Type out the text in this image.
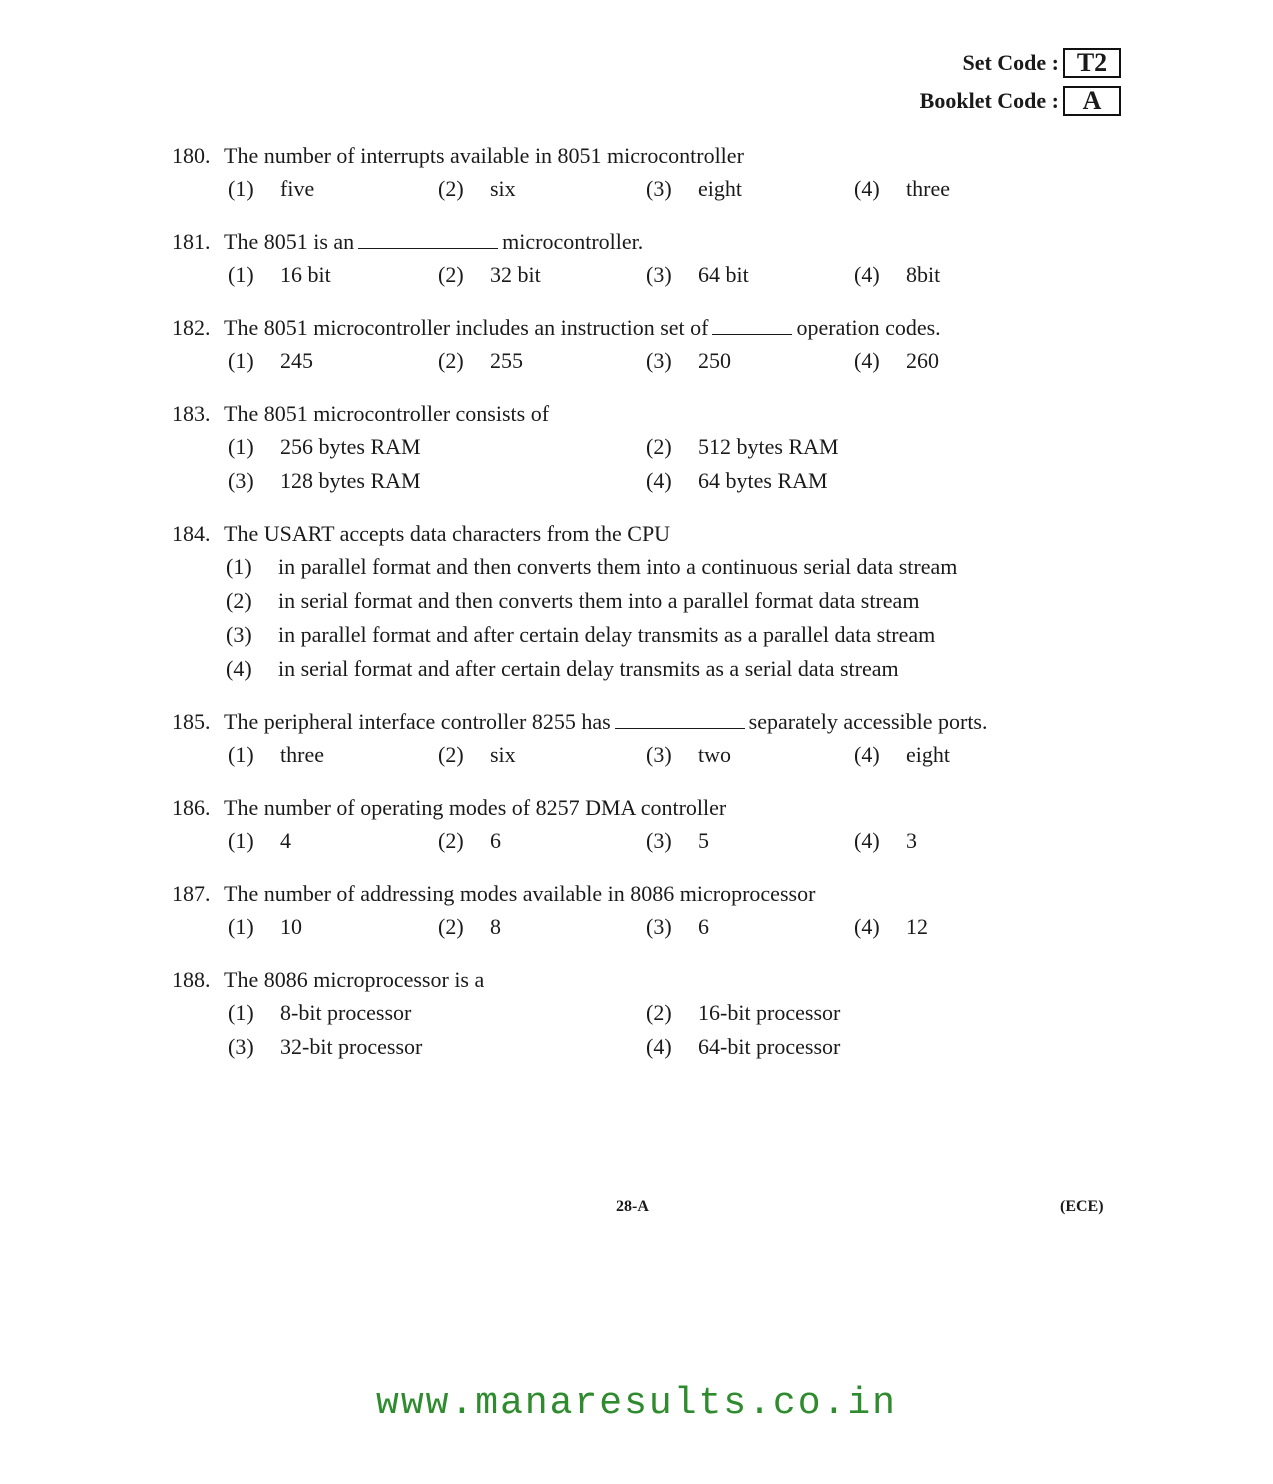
Set Code : T2
Booklet Code : A
180. The number of interrupts available in 8051 microcontroller
(1)	five	(2)	six	(3)	eight	(4)	three
181. The 8051 is an	microcontroller.
(1)	16 bit	(2)	32 bit	(3)	64 bit	(4)	8bit
182. The 8051 microcontroller includes an instruction set of	operation codes.
(1)	245	(2)	255	(3)	250	(4)	260
183. The 8051 microcontroller consists of
(1)	256 bytes RAM	(2)	512 bytes RAM
(3)	128 bytes RAM	(4)	64 bytes RAM
184. The USART accepts data characters from the CPU
(1)	in parallel format and then converts them into a continuous serial data stream
(2)	in serial format and then converts them into a parallel format data stream
(3)	in parallel format and after certain delay transmits as a parallel data stream
(4)	in serial format and after certain delay transmits as a serial data stream
185. The peripheral interface controller 8255 has	separately accessible ports.
(1)	three	(2)	six	(3)	two	(4)	eight
186. The number of operating modes of 8257 DMA controller
(1)	4	(2)	6	(3)	5	(4)	3
187. The number of addressing modes available in 8086 microprocessor
(1)	10	(2)	8	(3)	6	(4)	12
188. The 8086 microprocessor is a
(1)	8-bit processor	(2)	16-bit processor
(3)	32-bit processor	(4)	64-bit processor
28-A	(ECE)
www.manaresults.co.in
